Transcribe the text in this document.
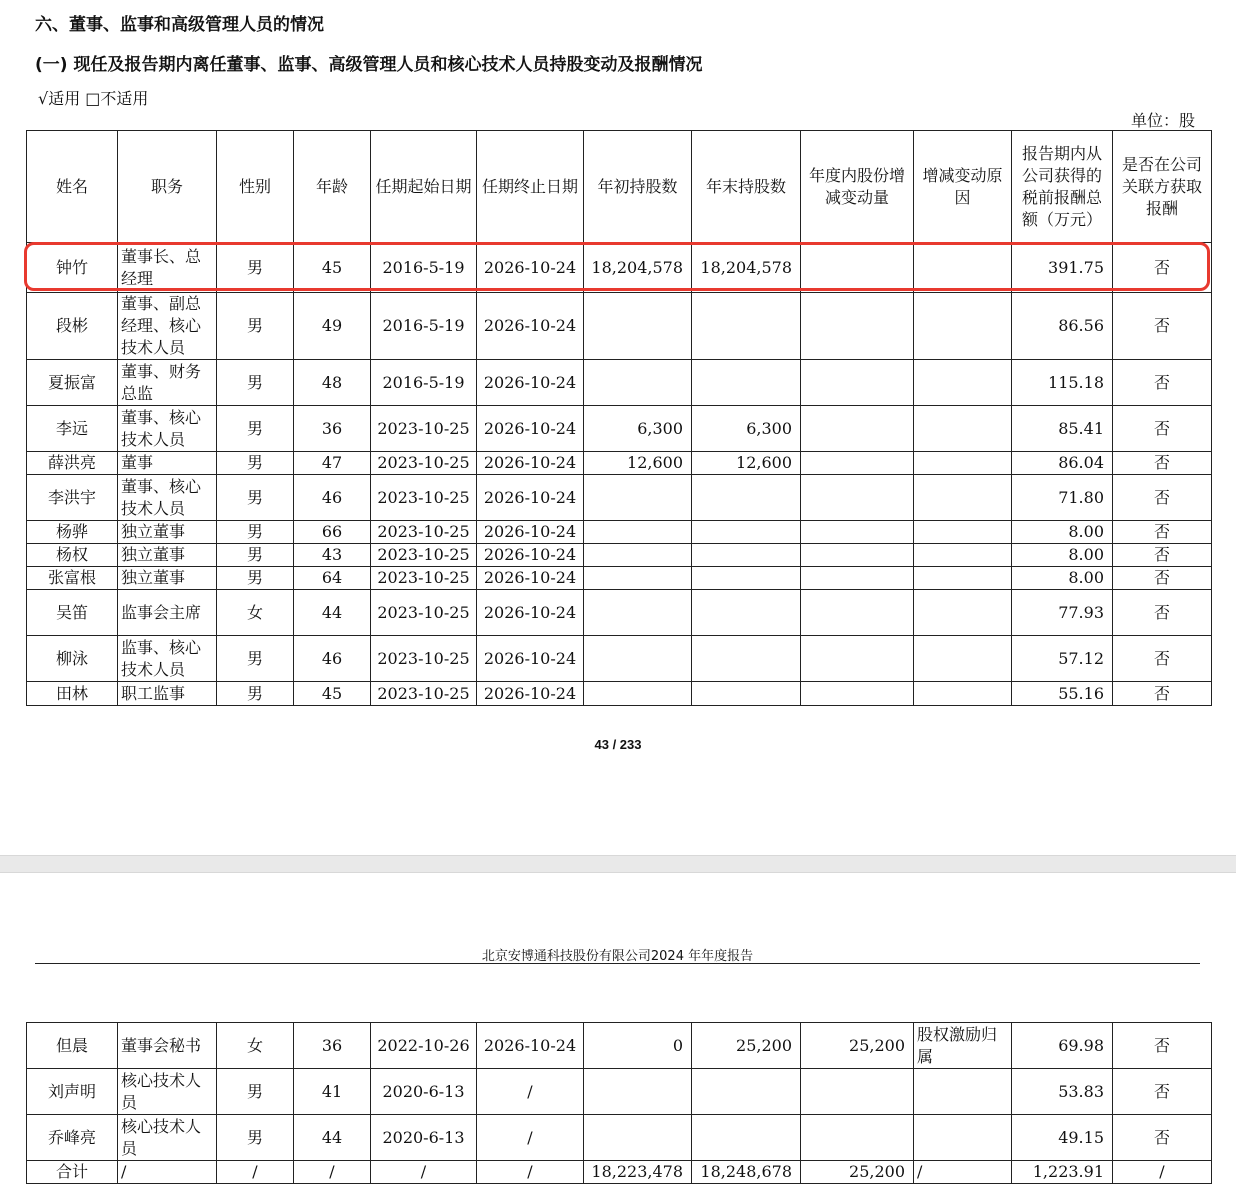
六、董事、监事和高级管理人员的情况
(一) 现任及报告期内离任董事、监事、高级管理人员和核心技术人员持股变动及报酬情况
√适用 □不适用
单位：股
姓名	职务	性别	年龄	任期起始日期	任期终止日期	年初持股数	年末持股数	年度内股份增减变动量	增减变动原因	报告期内从公司获得的税前报酬总额（万元）	是否在公司关联方获取报酬
钟竹	董事长、总经理	男	45	2016-5-19	2026-10-24	18,204,578	18,204,578			391.75	否
段彬	董事、副总经理、核心技术人员	男	49	2016-5-19	2026-10-24					86.56	否
夏振富	董事、财务总监	男	48	2016-5-19	2026-10-24					115.18	否
李远	董事、核心技术人员	男	36	2023-10-25	2026-10-24	6,300	6,300			85.41	否
薛洪亮	董事	男	47	2023-10-25	2026-10-24	12,600	12,600			86.04	否
李洪宇	董事、核心技术人员	男	46	2023-10-25	2026-10-24					71.80	否
杨骅	独立董事	男	66	2023-10-25	2026-10-24					8.00	否
杨权	独立董事	男	43	2023-10-25	2026-10-24					8.00	否
张富根	独立董事	男	64	2023-10-25	2026-10-24					8.00	否
吴笛	监事会主席	女	44	2023-10-25	2026-10-24					77.93	否
柳泳	监事、核心技术人员	男	46	2023-10-25	2026-10-24					57.12	否
田林	职工监事	男	45	2023-10-25	2026-10-24					55.16	否
43 / 233
北京安博通科技股份有限公司2024 年年度报告
但晨	董事会秘书	女	36	2022-10-26	2026-10-24	0	25,200	25,200	股权激励归属	69.98	否
刘声明	核心技术人员	男	41	2020-6-13	/					53.83	否
乔峰亮	核心技术人员	男	44	2020-6-13	/					49.15	否
合计	/	/	/	/	/	18,223,478	18,248,678	25,200	/	1,223.91	/
